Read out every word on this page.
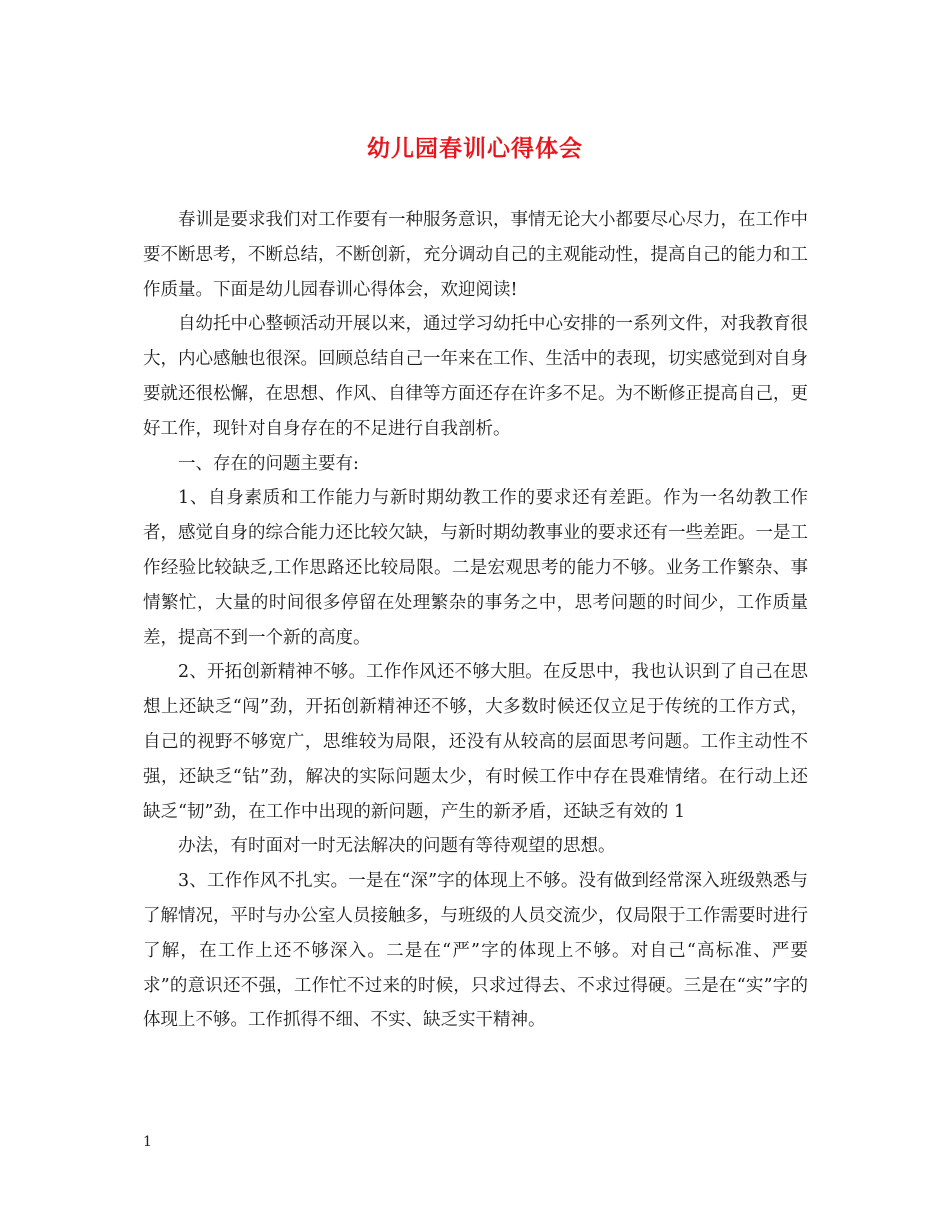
幼儿园春训心得体会

春训是要求我们对工作要有一种服务意识，事情无论大小都要尽心尽力，在工作中要不断思考，不断总结，不断创新，充分调动自己的主观能动性，提高自己的能力和工作质量。下面是幼儿园春训心得体会，欢迎阅读!

自幼托中心整顿活动开展以来，通过学习幼托中心安排的一系列文件，对我教育很大，内心感触也很深。回顾总结自己一年来在工作、生活中的表现，切实感觉到对自身要就还很松懈，在思想、作风、自律等方面还存在许多不足。为不断修正提高自己，更好工作，现针对自身存在的不足进行自我剖析。

一、存在的问题主要有:

1、自身素质和工作能力与新时期幼教工作的要求还有差距。作为一名幼教工作者，感觉自身的综合能力还比较欠缺，与新时期幼教事业的要求还有一些差距。一是工作经验比较缺乏,工作思路还比较局限。二是宏观思考的能力不够。业务工作繁杂、事情繁忙，大量的时间很多停留在处理繁杂的事务之中，思考问题的时间少，工作质量差，提高不到一个新的高度。

2、开拓创新精神不够。工作作风还不够大胆。在反思中，我也认识到了自己在思想上还缺乏“闯”劲，开拓创新精神还不够，大多数时候还仅立足于传统的工作方式，自己的视野不够宽广，思维较为局限，还没有从较高的层面思考问题。工作主动性不强，还缺乏“钻”劲，解决的实际问题太少，有时候工作中存在畏难情绪。在行动上还缺乏“韧”劲，在工作中出现的新问题，产生的新矛盾，还缺乏有效的 1

办法，有时面对一时无法解决的问题有等待观望的思想。

3、工作作风不扎实。一是在“深”字的体现上不够。没有做到经常深入班级熟悉与了解情况，平时与办公室人员接触多，与班级的人员交流少，仅局限于工作需要时进行了解，在工作上还不够深入。二是在“严”字的体现上不够。对自己“高标准、严要求”的意识还不强，工作忙不过来的时候，只求过得去、不求过得硬。三是在“实”字的体现上不够。工作抓得不细、不实、缺乏实干精神。

1
